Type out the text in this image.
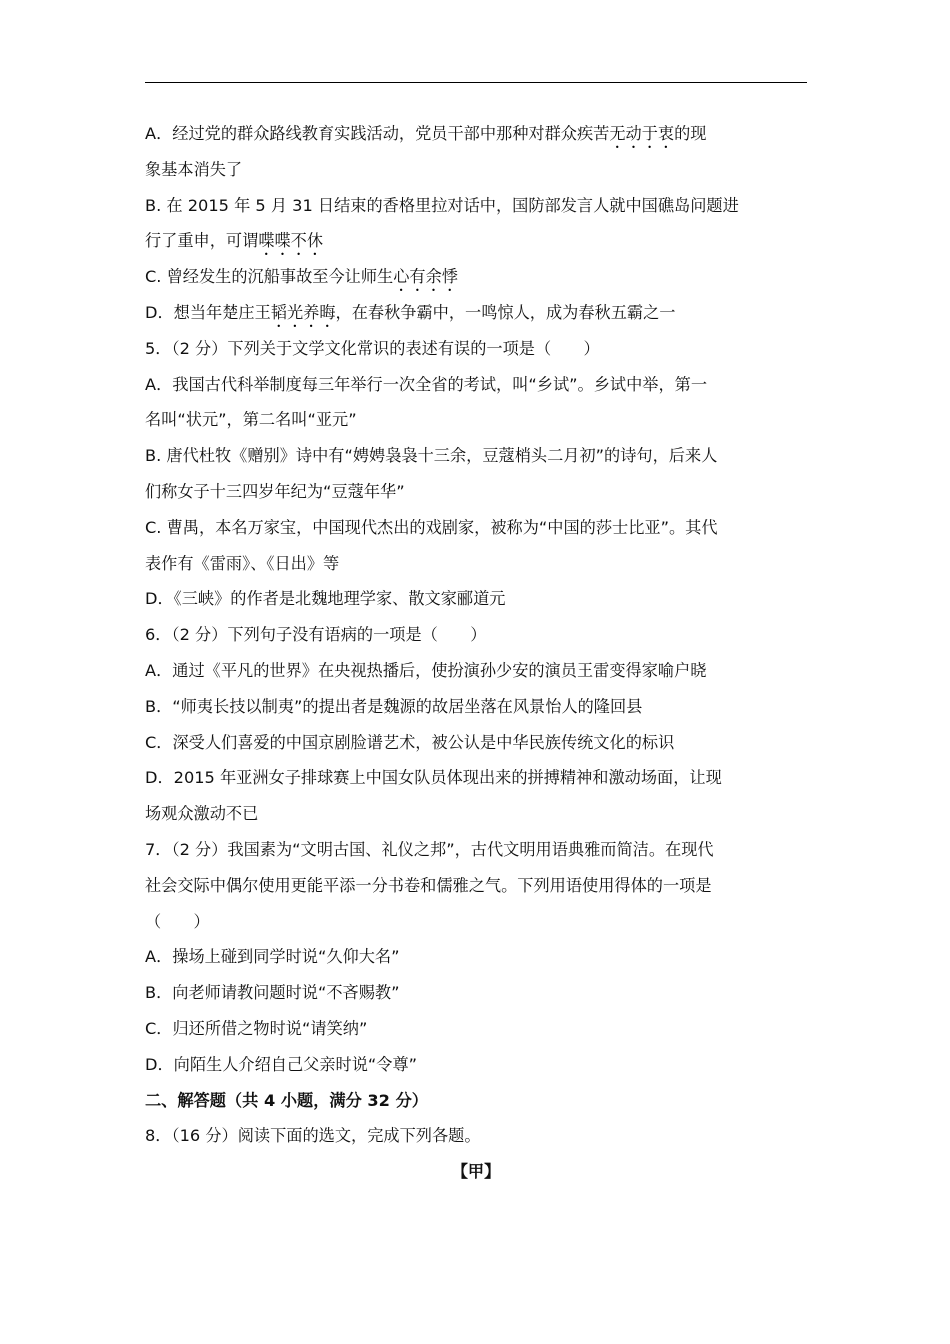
A．经过党的群众路线教育实践活动，党员干部中那种对群众疾苦无动于衷的现
象基本消失了
B. 在 2015 年 5 月 31 日结束的香格里拉对话中，国防部发言人就中国礁岛问题进
行了重申，可谓喋喋不休
C. 曾经发生的沉船事故至今让师生心有余悸
D．想当年楚庄王韬光养晦，在春秋争霸中，一鸣惊人，成为春秋五霸之一
5．（2 分）下列关于文学文化常识的表述有误的一项是（　　）
A．我国古代科举制度每三年举行一次全省的考试，叫“乡试”。乡试中举，第一
名叫“状元”，第二名叫“亚元”
B. 唐代杜牧《赠别》诗中有“娉娉袅袅十三余，豆蔻梢头二月初”的诗句，后来人
们称女子十三四岁年纪为“豆蔻年华”
C. 曹禺，本名万家宝，中国现代杰出的戏剧家，被称为“中国的莎士比亚”。其代
表作有《雷雨》、《日出》等
D．《三峡》的作者是北魏地理学家、散文家郦道元
6．（2 分）下列句子没有语病的一项是（　　）
A．通过《平凡的世界》在央视热播后，使扮演孙少安的演员王雷变得家喻户晓
B．“师夷长技以制夷”的提出者是魏源的故居坐落在风景怡人的隆回县
C．深受人们喜爱的中国京剧脸谱艺术，被公认是中华民族传统文化的标识
D．2015 年亚洲女子排球赛上中国女队员体现出来的拼搏精神和激动场面，让现
场观众激动不已
7．（2 分）我国素为“文明古国、礼仪之邦”，古代文明用语典雅而简洁。在现代
社会交际中偶尔使用更能平添一分书卷和儒雅之气。下列用语使用得体的一项是
（　　）
A．操场上碰到同学时说“久仰大名”
B．向老师请教问题时说“不吝赐教”
C．归还所借之物时说“请笑纳”
D．向陌生人介绍自己父亲时说“令尊”
二、解答题（共 4 小题，满分 32 分）
8．（16 分）阅读下面的选文，完成下列各题。
【甲】
